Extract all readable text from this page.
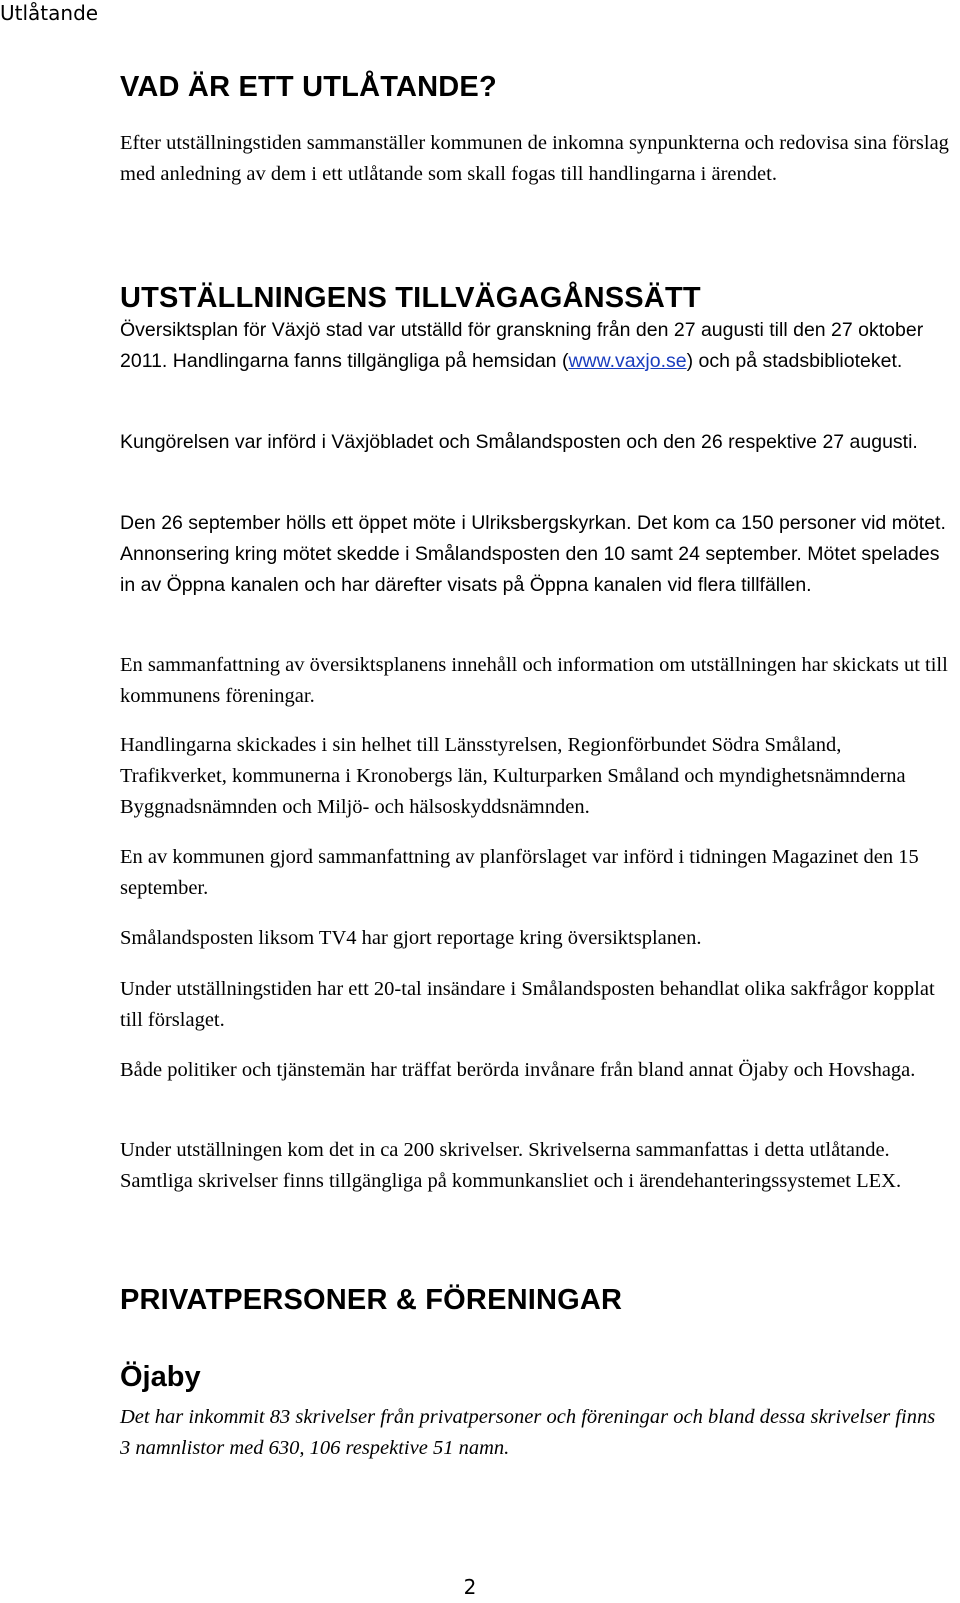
Utlåtande
VAD ÄR ETT UTLÅTANDE?

Efter utställningstiden sammanställer kommunen de inkomna synpunkterna och redovisa sina förslag med anledning av dem i ett utlåtande som skall fogas till handlingarna i ärendet.

UTSTÄLLNINGENS TILLVÄGAGÅNSSÄTT

Översiktsplan för Växjö stad var utställd för granskning från den 27 augusti till den 27 oktober 2011. Handlingarna fanns tillgängliga på hemsidan (www.vaxjo.se) och på stadsbiblioteket.

Kungörelsen var införd i Växjöbladet och Smålandsposten och den 26 respektive 27 augusti.

Den 26 september hölls ett öppet möte i Ulriksbergskyrkan. Det kom ca 150 personer vid mötet. Annonsering kring mötet skedde i Smålandsposten den 10 samt 24 september. Mötet spelades in av Öppna kanalen och har därefter visats på Öppna kanalen vid flera tillfällen.

En sammanfattning av översiktsplanens innehåll och information om utställningen har skickats ut till kommunens föreningar.

Handlingarna skickades i sin helhet till Länsstyrelsen, Regionförbundet Södra Småland, Trafikverket, kommunerna i Kronobergs län, Kulturparken Småland och myndighetsnämnderna Byggnadsnämnden och Miljö- och hälsoskyddsnämnden.

En av kommunen gjord sammanfattning av planförslaget var införd i tidningen Magazinet den 15 september.

Smålandsposten liksom TV4 har gjort reportage kring översiktsplanen.

Under utställningstiden har ett 20-tal insändare i Smålandsposten behandlat olika sakfrågor kopplat till förslaget.

Både politiker och tjänstemän har träffat berörda invånare från bland annat Öjaby och Hovshaga.

Under utställningen kom det in ca 200 skrivelser. Skrivelserna sammanfattas i detta utlåtande. Samtliga skrivelser finns tillgängliga på kommunkansliet och i ärendehanteringssystemet LEX.

PRIVATPERSONER & FÖRENINGAR
Öjaby

Det har inkommit 83 skrivelser från privatpersoner och föreningar och bland dessa skrivelser finns 3 namnlistor med 630, 106 respektive 51 namn.

2
